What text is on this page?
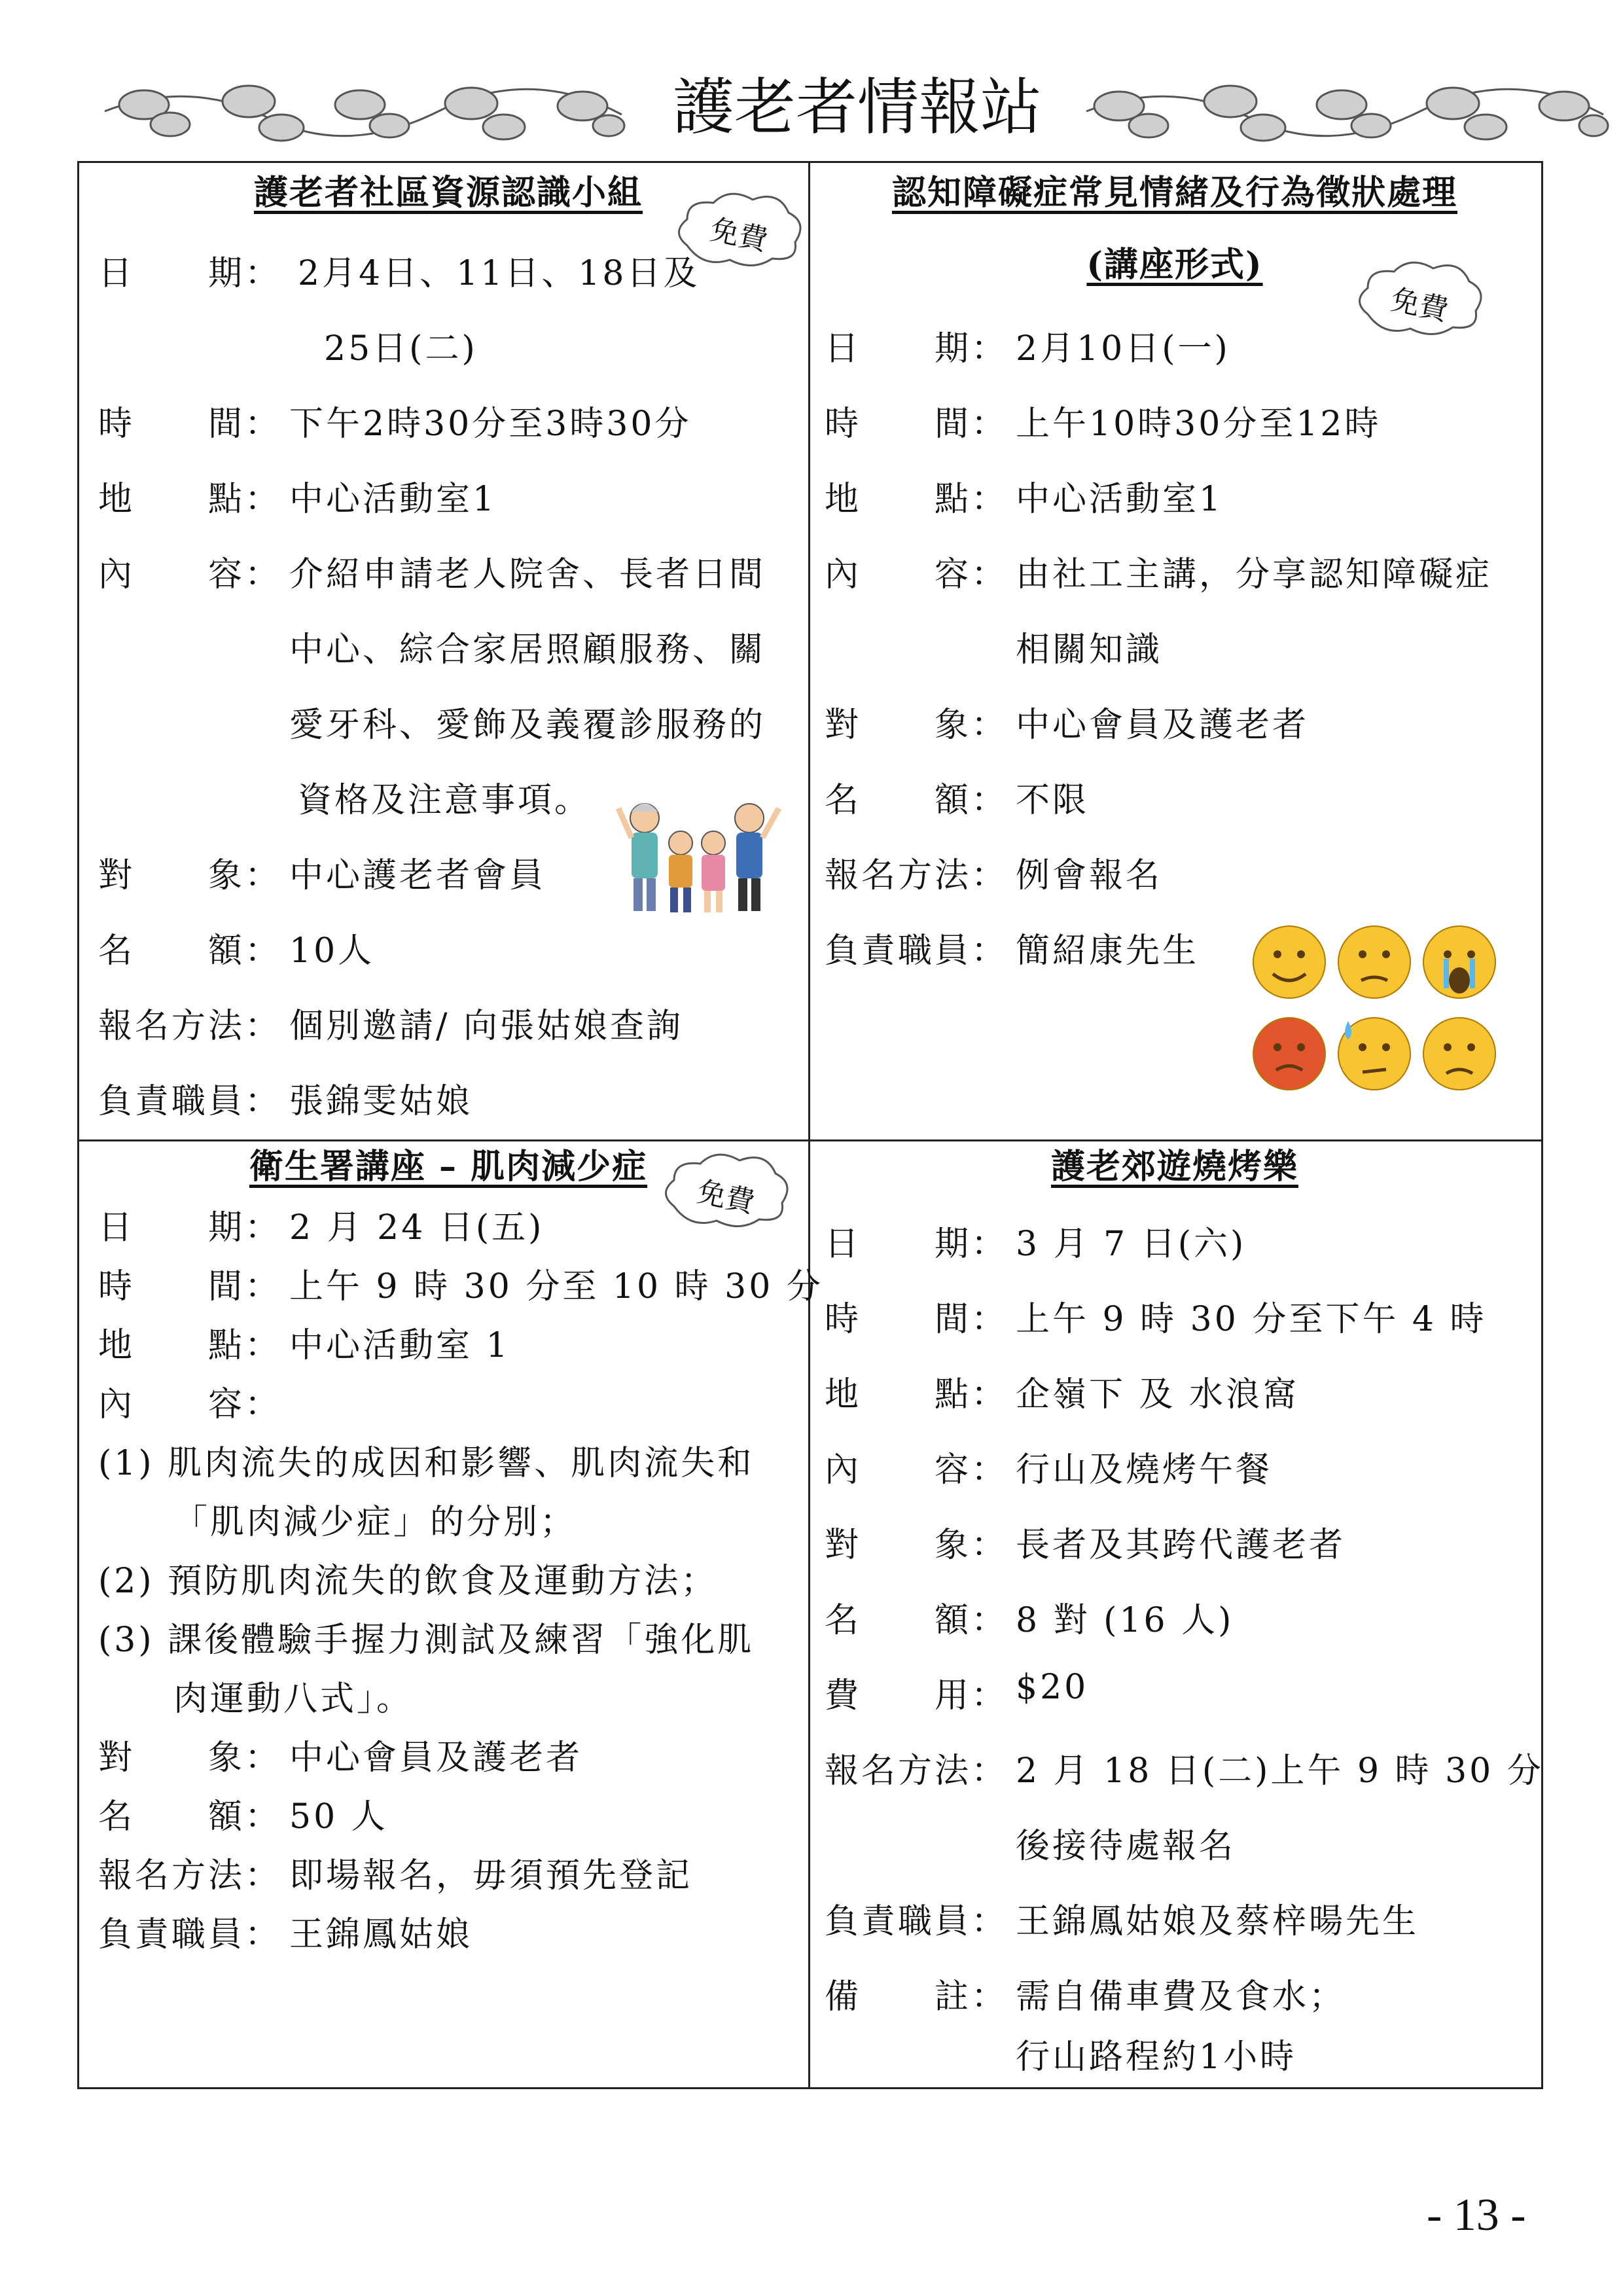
護老者情報站
護老者社區資源認識小組
免費
日　　期： 2月4日、11日、18日及
25日(二)
時　　間： 下午2時30分至3時30分
地　　點： 中心活動室1
內　　容： 介紹申請老人院舍、長者日間
中心、綜合家居照顧服務、關
愛牙科、愛飾及義覆診服務的
資格及注意事項。
對　　象： 中心護老者會員
名　　額： 10人
報名方法： 個別邀請/ 向張姑娘查詢
負責職員： 張錦雯姑娘
認知障礙症常見情緒及行為徵狀處理
(講座形式)
免費
日　　期： 2月10日(一)
時　　間： 上午10時30分至12時
地　　點： 中心活動室1
內　　容： 由社工主講，分享認知障礙症
相關知識
對　　象： 中心會員及護老者
名　　額： 不限
報名方法： 例會報名
負責職員： 簡紹康先生
衛生署講座 – 肌肉減少症
免費
日　　期： 2 月 24 日(五)
時　　間： 上午 9 時 30 分至 10 時 30 分
地　　點： 中心活動室 1
內　　容：
(1) 肌肉流失的成因和影響、肌肉流失和
「肌肉減少症」的分別；
(2) 預防肌肉流失的飲食及運動方法；
(3) 課後體驗手握力測試及練習「強化肌
肉運動八式」。
對　　象： 中心會員及護老者
名　　額： 50 人
報名方法： 即場報名，毋須預先登記
負責職員： 王錦鳳姑娘
護老郊遊燒烤樂
日　　期： 3 月 7 日(六)
時　　間： 上午 9 時 30 分至下午 4 時
地　　點： 企嶺下 及 水浪窩
內　　容： 行山及燒烤午餐
對　　象： 長者及其跨代護老者
名　　額： 8 對 (16 人)
費　　用： $20
報名方法： 2 月 18 日(二)上午 9 時 30 分
後接待處報名
負責職員： 王錦鳳姑娘及蔡梓暘先生
備　　註： 需自備車費及食水；
行山路程約1小時
- 13 -
